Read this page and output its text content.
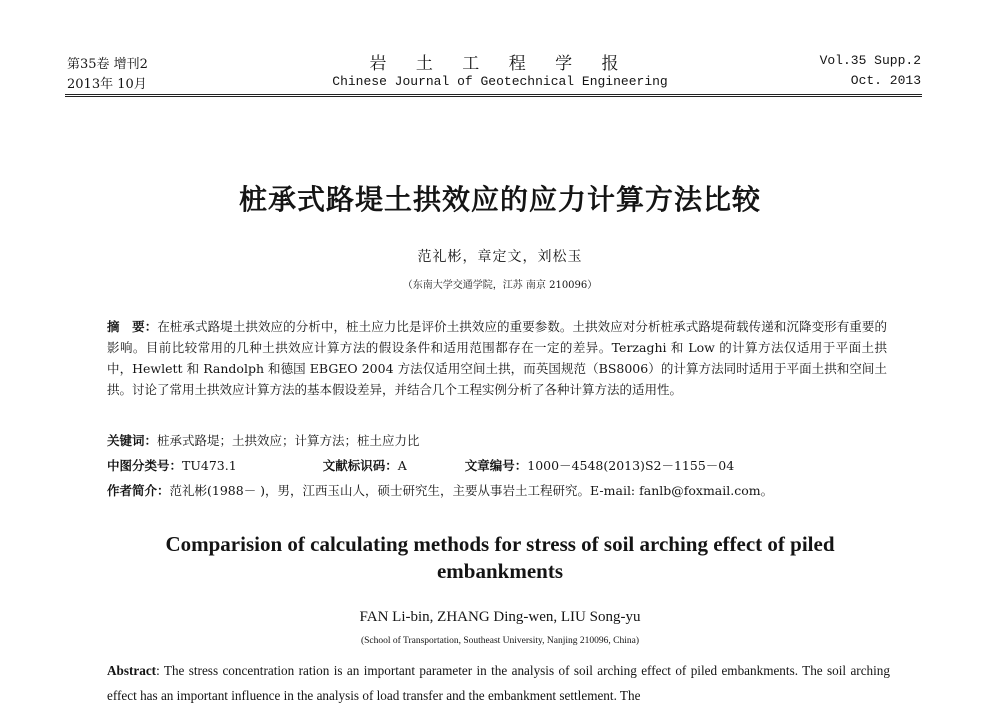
第35卷 增刊2
2013年 10月
岩 土 工 程 学 报
Chinese Journal of Geotechnical Engineering
Vol.35 Supp.2
Oct. 2013
桩承式路堤土拱效应的应力计算方法比较
范礼彬，章定文，刘松玉
（东南大学交通学院，江苏 南京 210096）
摘　要：在桩承式路堤土拱效应的分析中，桩土应力比是评价土拱效应的重要参数。土拱效应对分析桩承式路堤荷载传递和沉降变形有重要的影响。目前比较常用的几种土拱效应计算方法的假设条件和适用范围都存在一定的差异。Terzaghi 和 Low 的计算方法仅适用于平面土拱中，Hewlett 和 Randolph 和德国 EBGEO 2004 方法仅适用空间土拱，而英国规范（BS8006）的计算方法同时适用于平面土拱和空间土拱。讨论了常用土拱效应计算方法的基本假设差异，并结合几个工程实例分析了各种计算方法的适用性。
关键词：桩承式路堤；土拱效应；计算方法；桩土应力比
中图分类号：TU473.1	文献标识码：A	文章编号：1000－4548(2013)S2－1155－04
作者简介：范礼彬(1988－ )，男，江西玉山人，硕士研究生，主要从事岩土工程研究。E-mail: fanlb@foxmail.com。
Comparision of calculating methods for stress of soil arching effect of piled embankments
FAN Li-bin, ZHANG Ding-wen, LIU Song-yu
(School of Transportation, Southeast University, Nanjing 210096, China)
Abstract: The stress concentration ration is an important parameter in the analysis of soil arching effect of piled embankments. The soil arching effect has an important influence in the analysis of load transfer and the embankment settlement. The
